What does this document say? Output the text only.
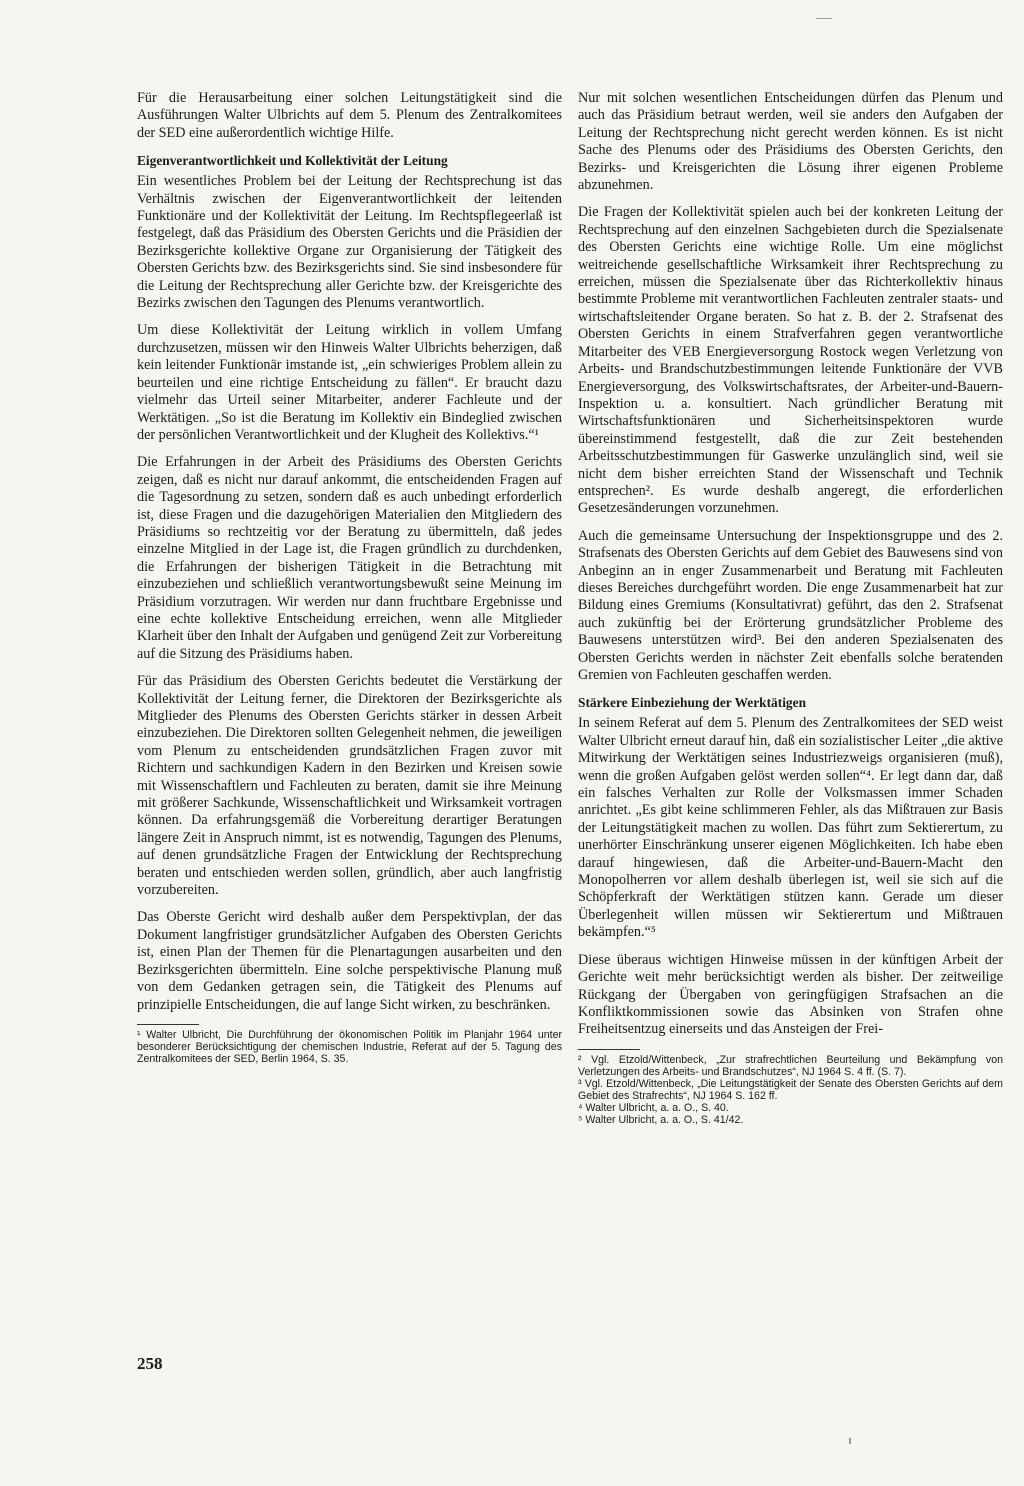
Für die Herausarbeitung einer solchen Leitungstätigkeit sind die Ausführungen Walter Ulbrichts auf dem 5. Plenum des Zentralkomitees der SED eine außerordentlich wichtige Hilfe.

Eigenverantwortlichkeit und Kollektivität der Leitung

Ein wesentliches Problem bei der Leitung der Rechtsprechung ist das Verhältnis zwischen der Eigenverantwortlichkeit der leitenden Funktionäre und der Kollektivität der Leitung. Im Rechtspflegeerlaß ist festgelegt, daß das Präsidium des Obersten Gerichts und die Präsidien der Bezirksgerichte kollektive Organe zur Organisierung der Tätigkeit des Obersten Gerichts bzw. des Bezirksgerichts sind. Sie sind insbesondere für die Leitung der Rechtsprechung aller Gerichte bzw. der Kreisgerichte des Bezirks zwischen den Tagungen des Plenums verantwortlich.

Um diese Kollektivität der Leitung wirklich in vollem Umfang durchzusetzen, müssen wir den Hinweis Walter Ulbrichts beherzigen, daß kein leitender Funktionär imstande ist, „ein schwieriges Problem allein zu beurteilen und eine richtige Entscheidung zu fällen“. Er braucht dazu vielmehr das Urteil seiner Mitarbeiter, anderer Fachleute und der Werktätigen. „So ist die Beratung im Kollektiv ein Bindeglied zwischen der persönlichen Verantwortlichkeit und der Klugheit des Kollektivs.“¹

Die Erfahrungen in der Arbeit des Präsidiums des Obersten Gerichts zeigen, daß es nicht nur darauf ankommt, die entscheidenden Fragen auf die Tagesordnung zu setzen, sondern daß es auch unbedingt erforderlich ist, diese Fragen und die dazugehörigen Materialien den Mitgliedern des Präsidiums so rechtzeitig vor der Beratung zu übermitteln, daß jedes einzelne Mitglied in der Lage ist, die Fragen gründlich zu durchdenken, die Erfahrungen der bisherigen Tätigkeit in die Betrachtung mit einzubeziehen und schließlich verantwortungsbewußt seine Meinung im Präsidium vorzutragen. Wir werden nur dann fruchtbare Ergebnisse und eine echte kollektive Entscheidung erreichen, wenn alle Mitglieder Klarheit über den Inhalt der Aufgaben und genügend Zeit zur Vorbereitung auf die Sitzung des Präsidiums haben.

Für das Präsidium des Obersten Gerichts bedeutet die Verstärkung der Kollektivität der Leitung ferner, die Direktoren der Bezirksgerichte als Mitglieder des Plenums des Obersten Gerichts stärker in dessen Arbeit einzubeziehen. Die Direktoren sollten Gelegenheit nehmen, die jeweiligen vom Plenum zu entscheidenden grundsätzlichen Fragen zuvor mit Richtern und sachkundigen Kadern in den Bezirken und Kreisen sowie mit Wissenschaftlern und Fachleuten zu beraten, damit sie ihre Meinung mit größerer Sachkunde, Wissenschaftlichkeit und Wirksamkeit vortragen können. Da erfahrungsgemäß die Vorbereitung derartiger Beratungen längere Zeit in Anspruch nimmt, ist es notwendig, Tagungen des Plenums, auf denen grundsätzliche Fragen der Entwicklung der Rechtsprechung beraten und entschieden werden sollen, gründlich, aber auch langfristig vorzubereiten.

Das Oberste Gericht wird deshalb außer dem Perspektivplan, der das Dokument langfristiger grundsätzlicher Aufgaben des Obersten Gerichts ist, einen Plan der Themen für die Plenartagungen ausarbeiten und den Bezirksgerichten übermitteln. Eine solche perspektivische Planung muß von dem Gedanken getragen sein, die Tätigkeit des Plenums auf prinzipielle Entscheidungen, die auf lange Sicht wirken, zu beschränken.

¹ Walter Ulbricht, Die Durchführung der ökonomischen Politik im Planjahr 1964 unter besonderer Berücksichtigung der chemischen Industrie, Referat auf der 5. Tagung des Zentralkomitees der SED, Berlin 1964, S. 35.

Nur mit solchen wesentlichen Entscheidungen dürfen das Plenum und auch das Präsidium betraut werden, weil sie anders den Aufgaben der Leitung der Rechtsprechung nicht gerecht werden können. Es ist nicht Sache des Plenums oder des Präsidiums des Obersten Gerichts, den Bezirks- und Kreisgerichten die Lösung ihrer eigenen Probleme abzunehmen.

Die Fragen der Kollektivität spielen auch bei der konkreten Leitung der Rechtsprechung auf den einzelnen Sachgebieten durch die Spezialsenate des Obersten Gerichts eine wichtige Rolle. Um eine möglichst weitreichende gesellschaftliche Wirksamkeit ihrer Rechtsprechung zu erreichen, müssen die Spezialsenate über das Richterkollektiv hinaus bestimmte Probleme mit verantwortlichen Fachleuten zentraler staats- und wirtschaftsleitender Organe beraten. So hat z. B. der 2. Strafsenat des Obersten Gerichts in einem Strafverfahren gegen verantwortliche Mitarbeiter des VEB Energieversorgung Rostock wegen Verletzung von Arbeits- und Brandschutzbestimmungen leitende Funktionäre der VVB Energieversorgung, des Volkswirtschaftsrates, der Arbeiter-und-Bauern-Inspektion u. a. konsultiert. Nach gründlicher Beratung mit Wirtschaftsfunktionären und Sicherheitsinspektoren wurde übereinstimmend festgestellt, daß die zur Zeit bestehenden Arbeitsschutzbestimmungen für Gaswerke unzulänglich sind, weil sie nicht dem bisher erreichten Stand der Wissenschaft und Technik entsprechen². Es wurde deshalb angeregt, die erforderlichen Gesetzesänderungen vorzunehmen.

Auch die gemeinsame Untersuchung der Inspektionsgruppe und des 2. Strafsenats des Obersten Gerichts auf dem Gebiet des Bauwesens sind von Anbeginn an in enger Zusammenarbeit und Beratung mit Fachleuten dieses Bereiches durchgeführt worden. Die enge Zusammenarbeit hat zur Bildung eines Gremiums (Konsultativrat) geführt, das den 2. Strafsenat auch zukünftig bei der Erörterung grundsätzlicher Probleme des Bauwesens unterstützen wird³. Bei den anderen Spezialsenaten des Obersten Gerichts werden in nächster Zeit ebenfalls solche beratenden Gremien von Fachleuten geschaffen werden.

Stärkere Einbeziehung der Werktätigen

In seinem Referat auf dem 5. Plenum des Zentralkomitees der SED weist Walter Ulbricht erneut darauf hin, daß ein sozialistischer Leiter „die aktive Mitwirkung der Werktätigen seines Industriezweigs organisieren (muß), wenn die großen Aufgaben gelöst werden sollen“⁴. Er legt dann dar, daß ein falsches Verhalten zur Rolle der Volksmassen immer Schaden anrichtet. „Es gibt keine schlimmeren Fehler, als das Mißtrauen zur Basis der Leitungstätigkeit machen zu wollen. Das führt zum Sektierertum, zu unerhörter Einschränkung unserer eigenen Möglichkeiten. Ich habe eben darauf hingewiesen, daß die Arbeiter-und-Bauern-Macht den Monopolherren vor allem deshalb überlegen ist, weil sie sich auf die Schöpferkraft der Werktätigen stützen kann. Gerade um dieser Überlegenheit willen müssen wir Sektierertum und Mißtrauen bekämpfen.“⁵

Diese überaus wichtigen Hinweise müssen in der künftigen Arbeit der Gerichte weit mehr berücksichtigt werden als bisher. Der zeitweilige Rückgang der Übergaben von geringfügigen Strafsachen an die Konfliktkommissionen sowie das Absinken von Strafen ohne Freiheitsentzug einerseits und das Ansteigen der Frei-

² Vgl. Etzold/Wittenbeck, „Zur strafrechtlichen Beurteilung und Bekämpfung von Verletzungen des Arbeits- und Brandschutzes“, NJ 1964 S. 4 ff. (S. 7).

³ Vgl. Etzold/Wittenbeck, „Die Leitungstätigkeit der Senate des Obersten Gerichts auf dem Gebiet des Strafrechts“, NJ 1964 S. 162 ff.

⁴ Walter Ulbricht, a. a. O., S. 40.

⁵ Walter Ulbricht, a. a. O., S. 41/42.

258
